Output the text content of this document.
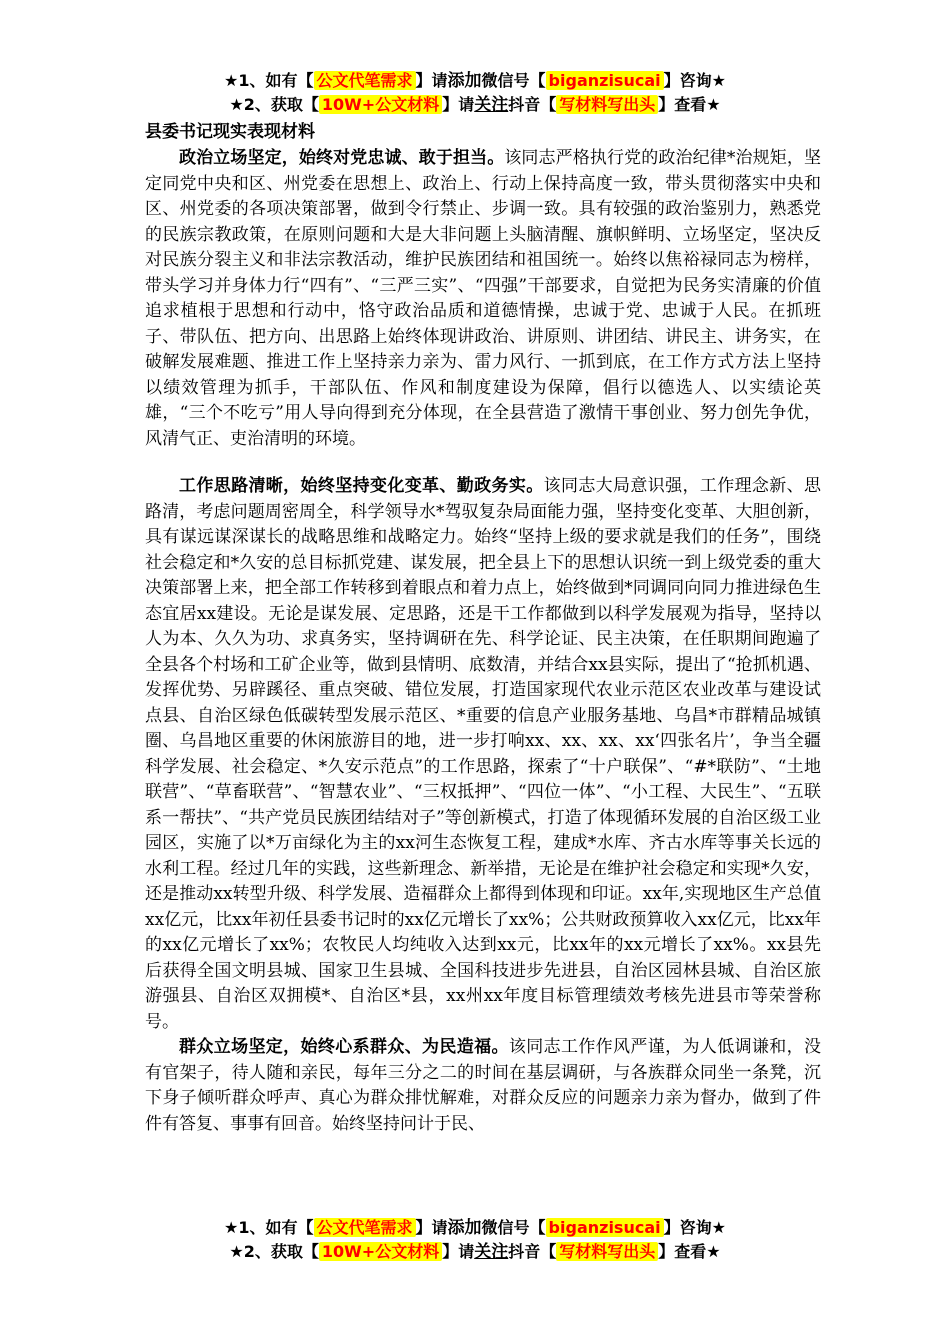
★1、如有【 公文代笔需求 】请添加微信号【 biganzisucai 】咨询★
★2、获取【 10W+公文材料 】请关注抖音【 写材料写出头 】查看★
县委书记现实表现材料

政治立场坚定，始终对党忠诚、敢于担当。该同志严格执行党的政治纪律*治规矩，坚定同党中央和区、州党委在思想上、政治上、行动上保持高度一致，带头贯彻落实中央和区、州党委的各项决策部署，做到令行禁止、步调一致。具有较强的政治鉴别力，熟悉党的民族宗教政策，在原则问题和大是大非问题上头脑清醒、旗帜鲜明、立场坚定，坚决反对民族分裂主义和非法宗教活动，维护民族团结和祖国统一。始终以焦裕禄同志为榜样，带头学习并身体力行“四有”、“三严三实”、“四强”干部要求，自觉把为民务实清廉的价值追求植根于思想和行动中，恪守政治品质和道德情操，忠诚于党、忠诚于人民。在抓班子、带队伍、把方向、出思路上始终体现讲政治、讲原则、讲团结、讲民主、讲务实，在破解发展难题、推进工作上坚持亲力亲为、雷力风行、一抓到底，在工作方式方法上坚持以绩效管理为抓手，干部队伍、作风和制度建设为保障，倡行以德选人、以实绩论英雄，“三个不吃亏”用人导向得到充分体现，在全县营造了激情干事创业、努力创先争优，风清气正、吏治清明的环境。

工作思路清晰，始终坚持变化变革、勤政务实。该同志大局意识强，工作理念新、思路清，考虑问题周密周全，科学领导水*驾驭复杂局面能力强，坚持变化变革、大胆创新，具有谋远谋深谋长的战略思维和战略定力。始终“坚持上级的要求就是我们的任务”，围绕社会稳定和*久安的总目标抓党建、谋发展，把全县上下的思想认识统一到上级党委的重大决策部署上来，把全部工作转移到着眼点和着力点上，始终做到*同调同向同力推进绿色生态宜居xx建设。无论是谋发展、定思路，还是干工作都做到以科学发展观为指导，坚持以人为本、久久为功、求真务实，坚持调研在先、科学论证、民主决策，在任职期间跑遍了全县各个村场和工矿企业等，做到县情明、底数清，并结合xx县实际，提出了“抢抓机遇、发挥优势、另辟蹊径、重点突破、错位发展，打造国家现代农业示范区农业改革与建设试点县、自治区绿色低碳转型发展示范区、*重要的信息产业服务基地、乌昌*市群精品城镇圈、乌昌地区重要的休闲旅游目的地，进一步打响xx、xx、xx、xx‘四张名片’，争当全疆科学发展、社会稳定、*久安示范点”的工作思路，探索了“十户联保”、“#*联防”、“土地联营”、“草畜联营”、“智慧农业”、“三权抵押”、“四位一体”、“小工程、大民生”、“五联系一帮扶”、“共产党员民族团结结对子”等创新模式，打造了体现循环发展的自治区级工业园区，实施了以*万亩绿化为主的xx河生态恢复工程，建成*水库、齐古水库等事关长远的水利工程。经过几年的实践，这些新理念、新举措，无论是在维护社会稳定和实现*久安，还是推动xx转型升级、科学发展、造福群众上都得到体现和印证。xx年,实现地区生产总值xx亿元，比xx年初任县委书记时的xx亿元增长了xx%；公共财政预算收入xx亿元，比xx年的xx亿元增长了xx%；农牧民人均纯收入达到xx元，比xx年的xx元增长了xx%。xx县先后获得全国文明县城、国家卫生县城、全国科技进步先进县，自治区园林县城、自治区旅游强县、自治区双拥模*、自治区*县，xx州xx年度目标管理绩效考核先进县市等荣誉称号。

群众立场坚定，始终心系群众、为民造福。该同志工作作风严谨，为人低调谦和，没有官架子，待人随和亲民，每年三分之二的时间在基层调研，与各族群众同坐一条凳，沉下身子倾听群众呼声、真心为群众排忧解难，对群众反应的问题亲力亲为督办，做到了件件有答复、事事有回音。始终坚持问计于民、

★1、如有【 公文代笔需求 】请添加微信号【 biganzisucai 】咨询★
★2、获取【 10W+公文材料 】请关注抖音【 写材料写出头 】查看★
